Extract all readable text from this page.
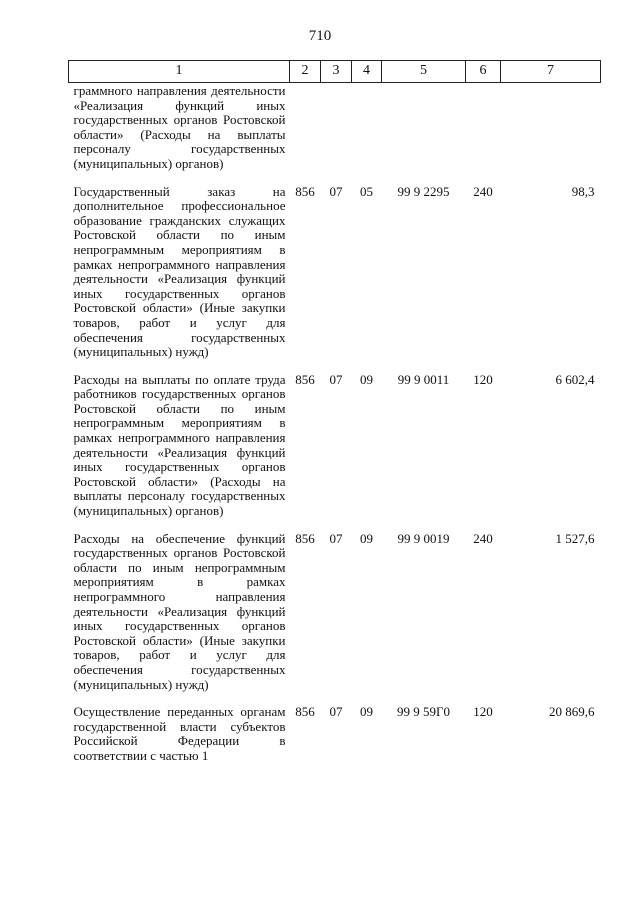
710
1	2	3	4	5	6	7
граммного направления деятельности «Реализация функций иных государственных органов Ростовской области» (Расходы на выплаты персоналу государственных (муниципальных) органов)						
Государственный заказ на дополнительное профессиональное образование гражданских служащих Ростовской области по иным непрограммным мероприятиям в рамках непрограммного направления деятельности «Реализация функций иных государственных органов Ростовской области» (Иные закупки товаров, работ и услуг для обеспечения государственных (муниципальных) нужд)	856	07	05	99 9 2295	240	98,3
Расходы на выплаты по оплате труда работников государственных органов Ростовской области по иным непрограммным мероприятиям в рамках непрограммного направления деятельности «Реализация функций иных государственных органов Ростовской области» (Расходы на выплаты персоналу государственных (муниципальных) органов)	856	07	09	99 9 0011	120	6 602,4
Расходы на обеспечение функций государственных органов Ростовской области по иным непрограммным мероприятиям в рамках непрограммного направления деятельности «Реализация функций иных государственных органов Ростовской области» (Иные закупки товаров, работ и услуг для обеспечения государственных (муниципальных) нужд)	856	07	09	99 9 0019	240	1 527,6
Осуществление переданных органам государственной власти субъектов Российской Федерации в соответствии с частью 1	856	07	09	99 9 59Г0	120	20 869,6
